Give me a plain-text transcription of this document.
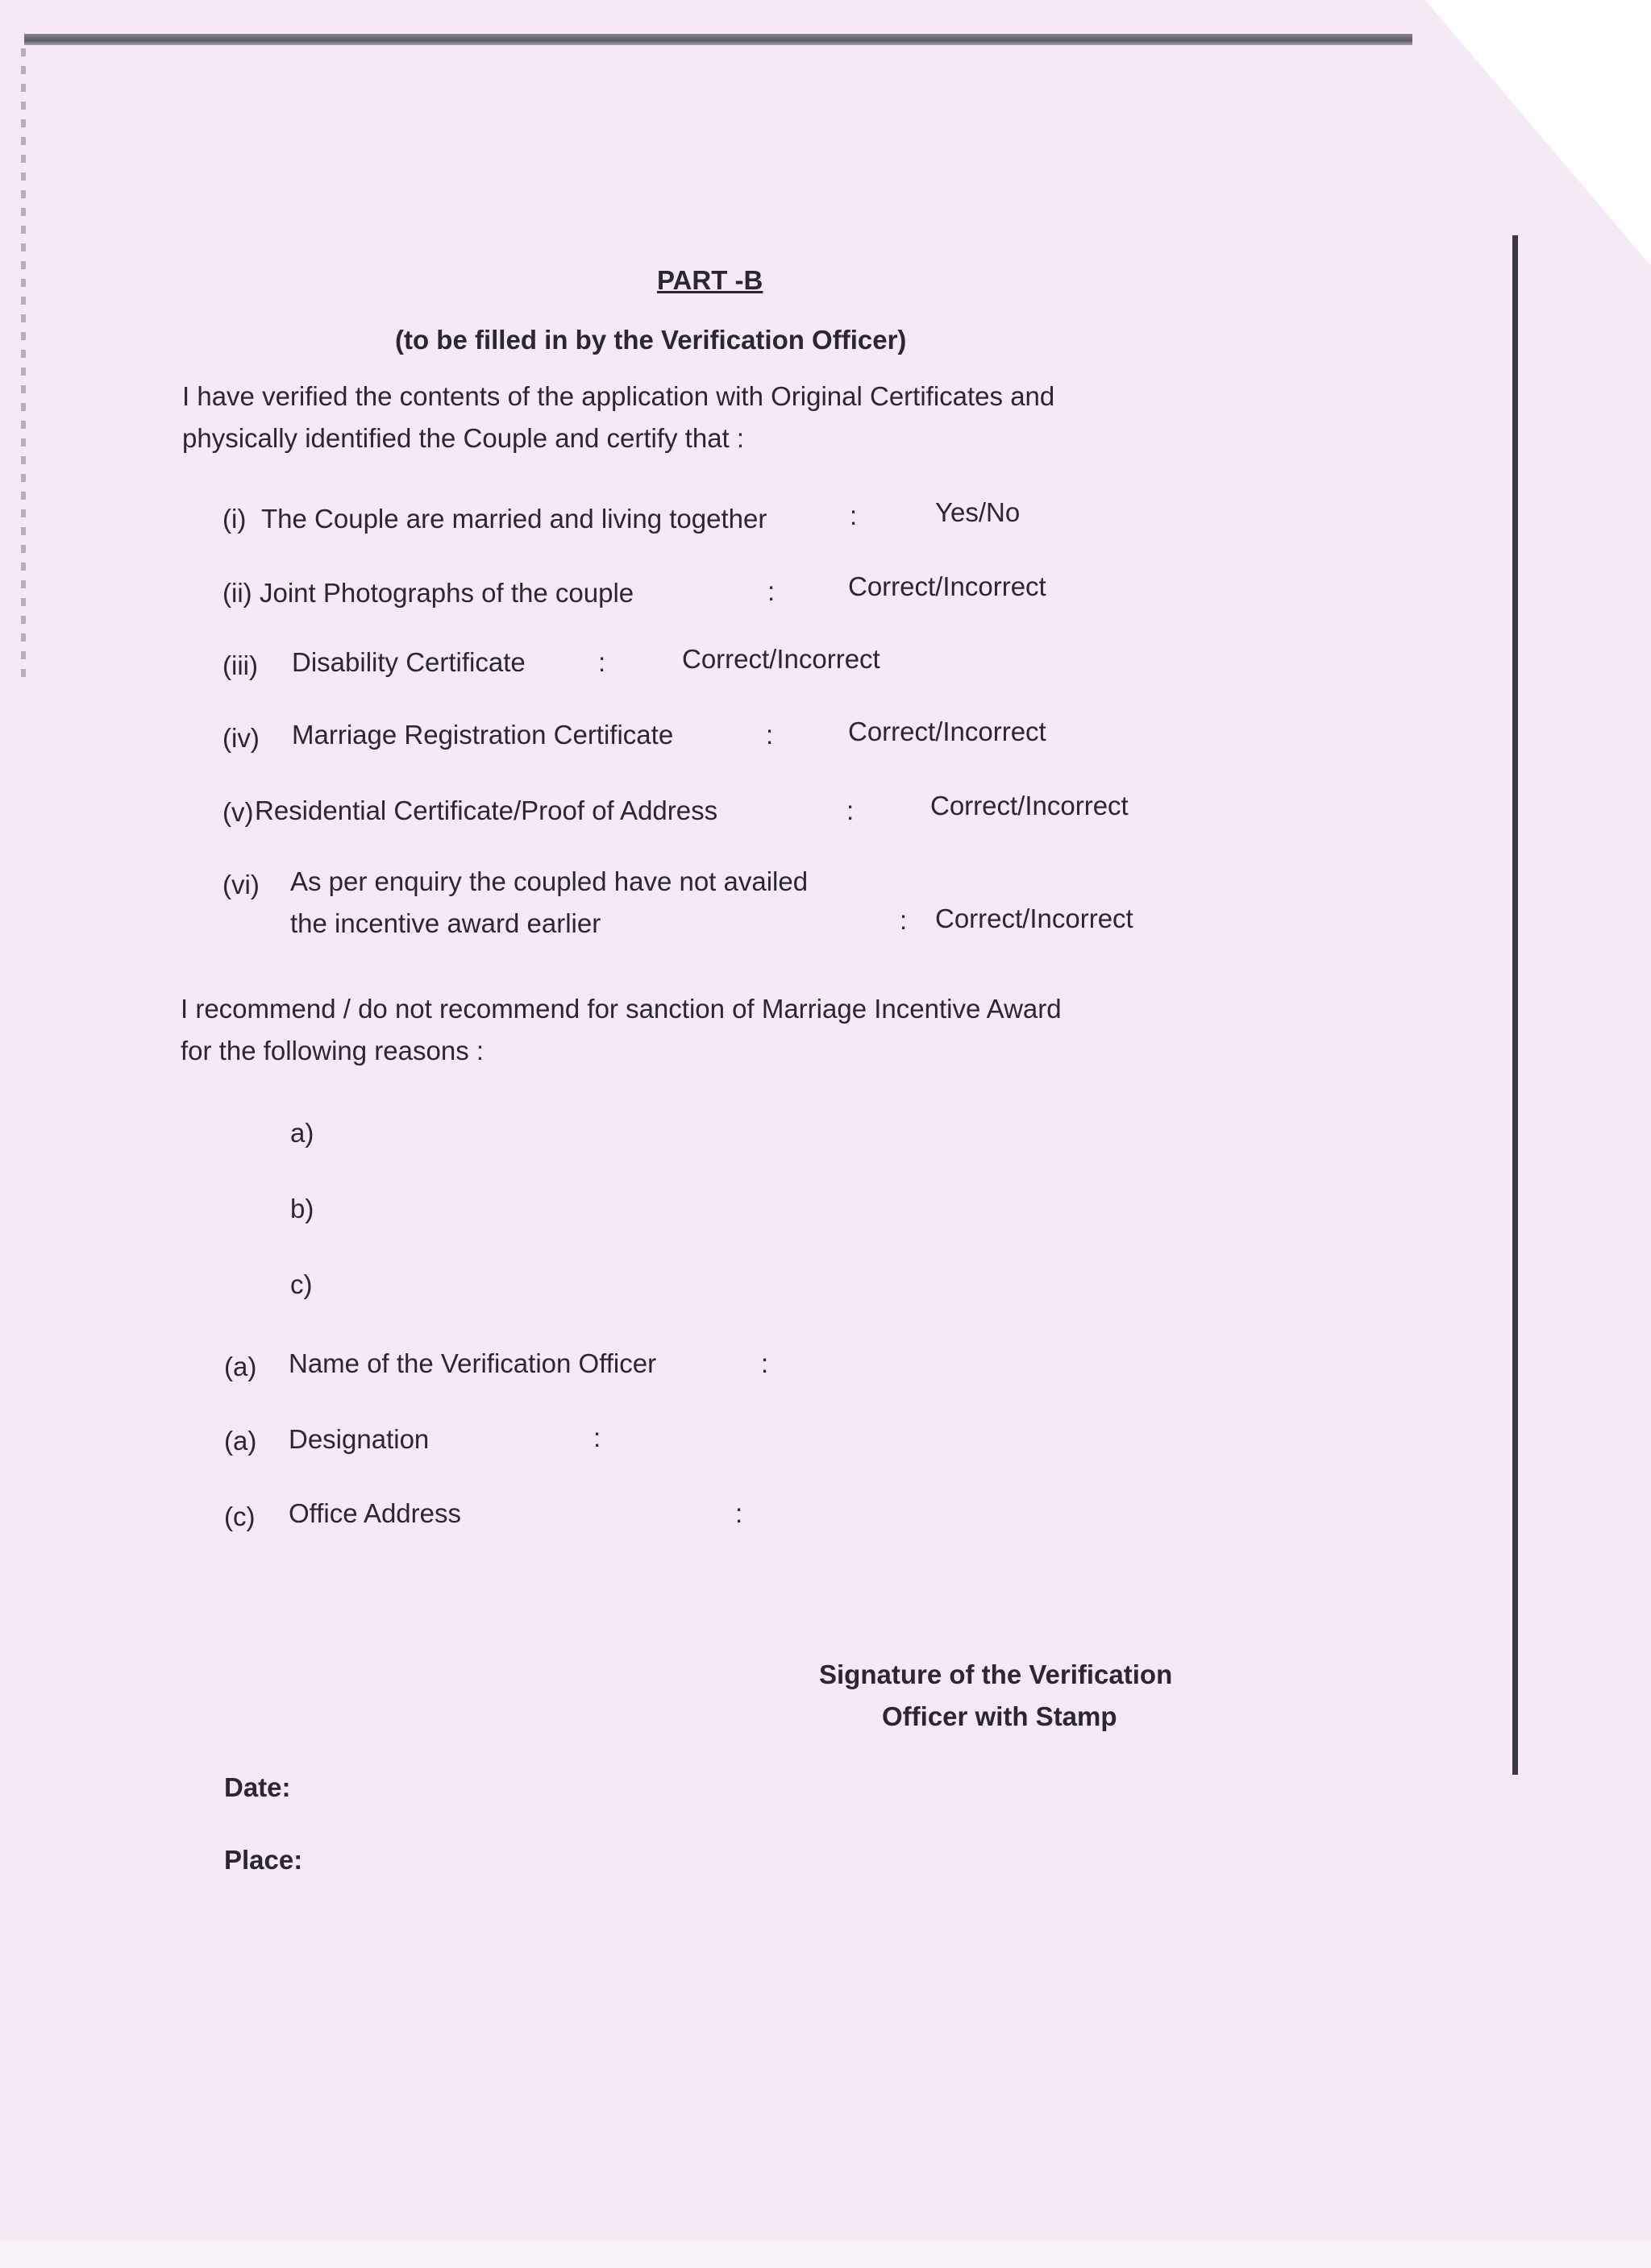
PART -B
(to be filled in by the Verification Officer)
I have verified the contents of the application with Original Certificates and
physically identified the Couple and certify that :
(i) The Couple are married and living together	:	Yes/No
(ii) Joint Photographs of the couple	:	Correct/Incorrect
(iii) Disability Certificate	:	Correct/Incorrect
(iv) Marriage Registration Certificate	:	Correct/Incorrect
(v) Residential Certificate/Proof of Address	:	Correct/Incorrect
(vi) As per enquiry the coupled have not availed
the incentive award earlier	: Correct/Incorrect
I recommend / do not recommend for sanction of Marriage Incentive Award
for the following reasons :
a)
b)
c)
(a) Name of the Verification Officer	:
(a) Designation	:
(c) Office Address	:
Signature of the Verification
Officer with Stamp
Date:
Place:
